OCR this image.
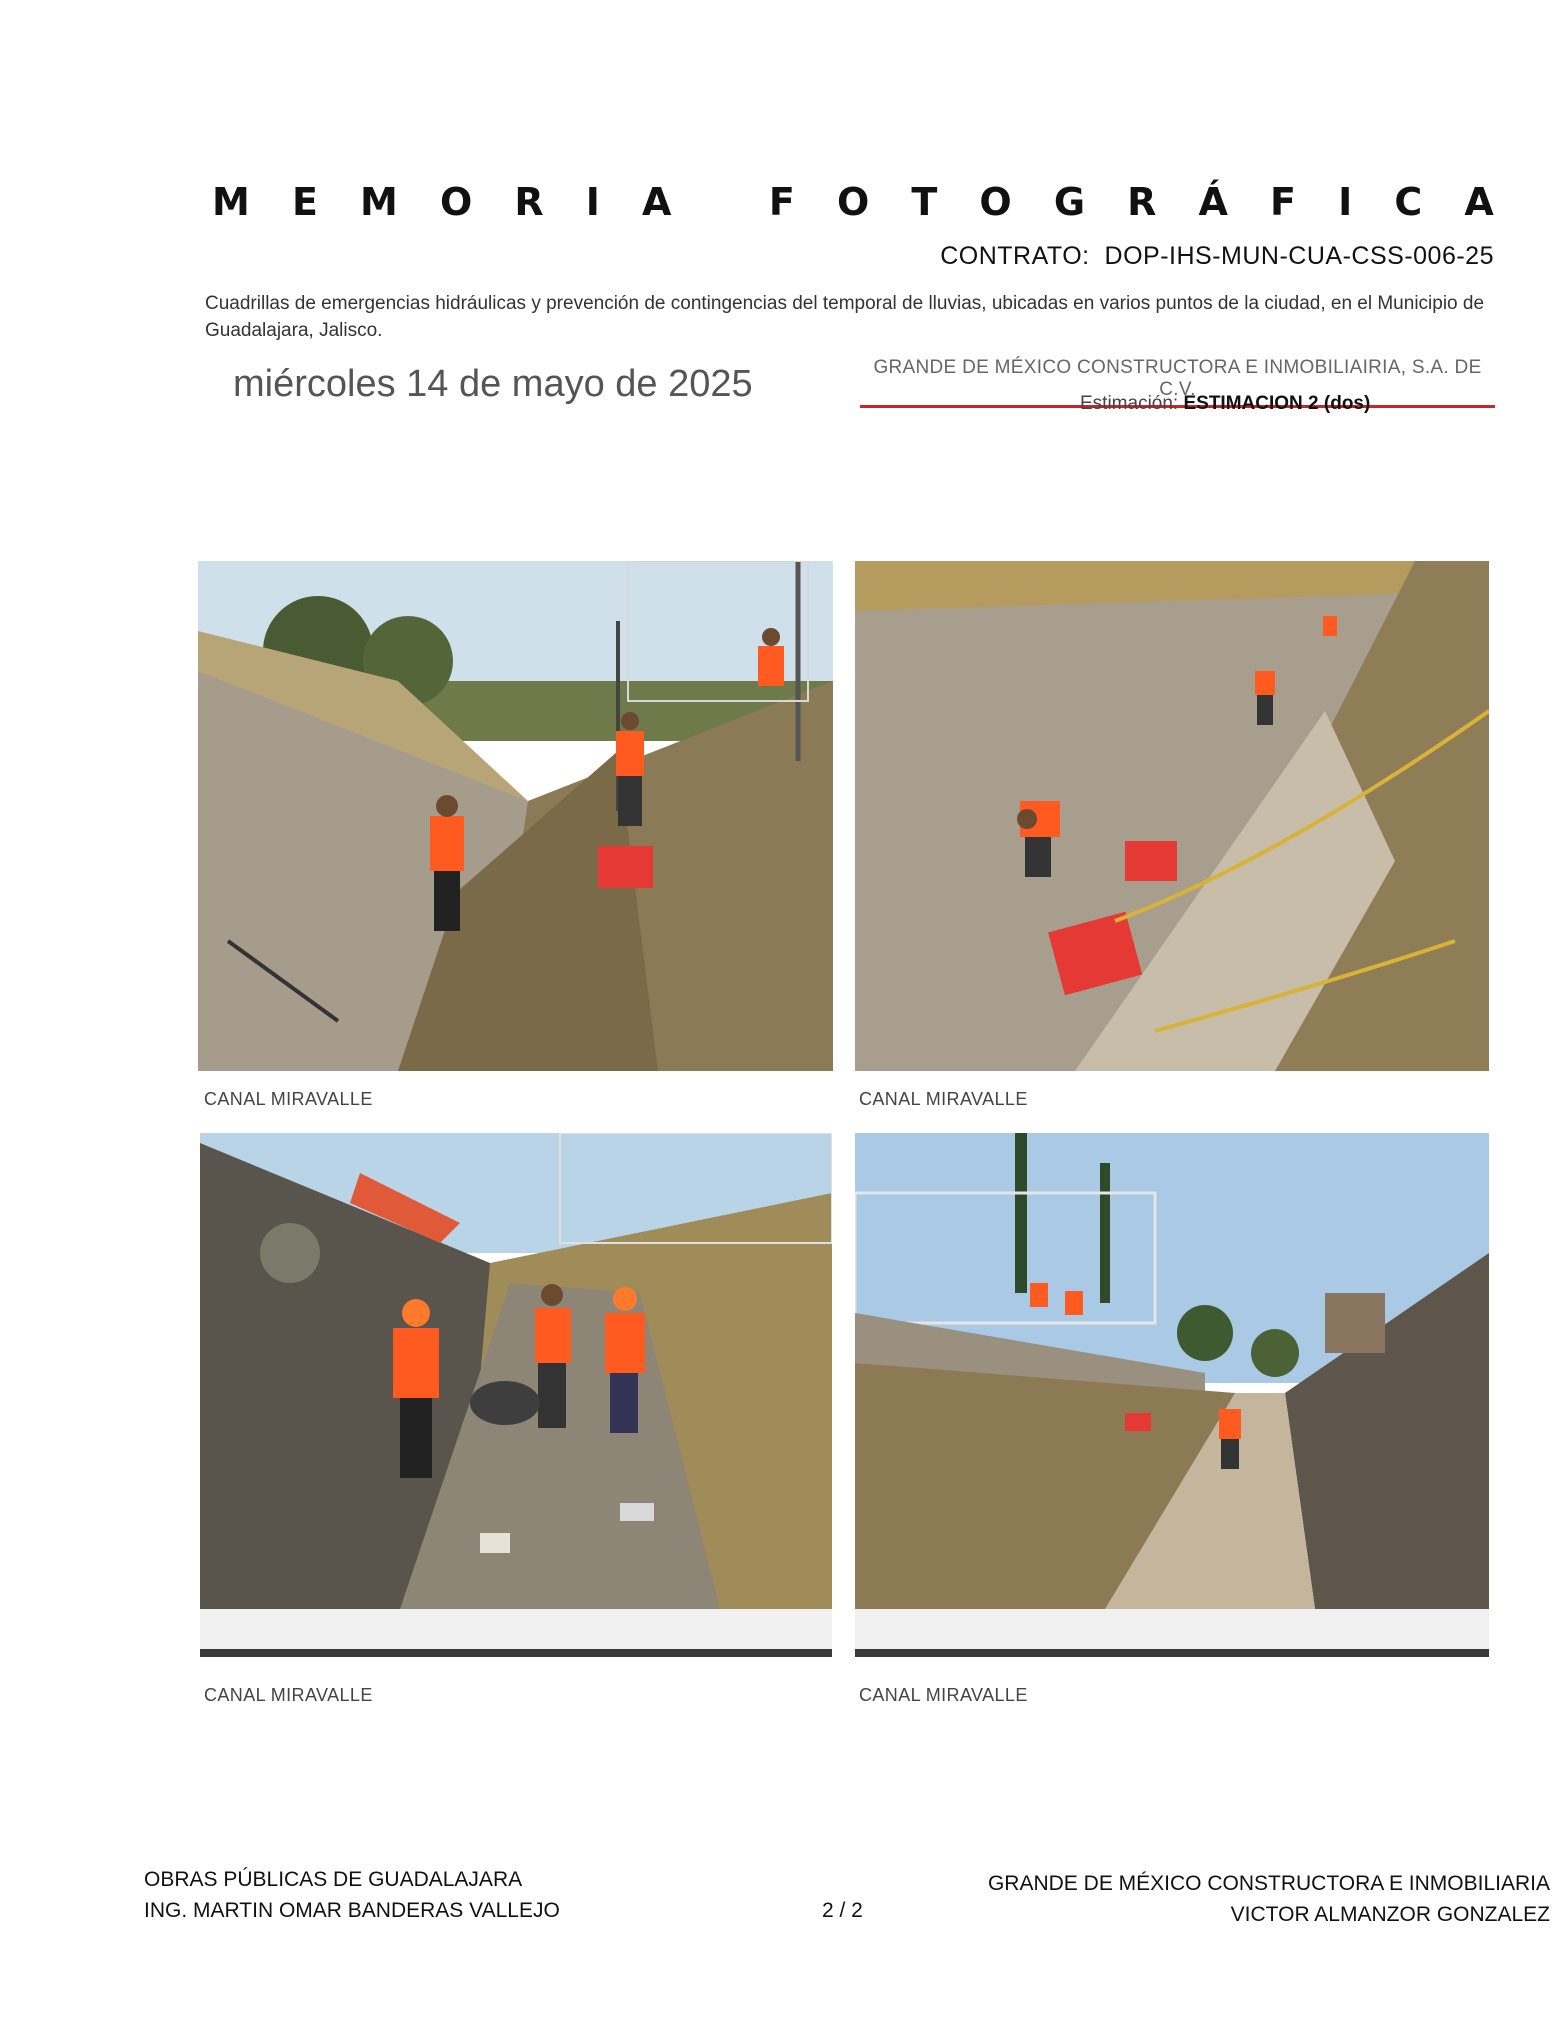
M E M O R I A
	F O T O G R Á F I C A
CONTRATO: DOP-IHS-MUN-CUA-CSS-006-25
Cuadrillas de emergencias hidráulicas y prevención de contingencias del temporal de lluvias, ubicadas en varios puntos de la ciudad, en el Municipio de Guadalajara, Jalisco.
miércoles 14 de mayo de 2025	GRANDE DE MÉXICO CONSTRUCTORA E INMOBILIAIRIA, S.A. DE C.V.
Estimación: ESTIMACION 2 (dos)
CANAL MIRAVALLE	CANAL MIRAVALLE
CANAL MIRAVALLE	CANAL MIRAVALLE
OBRAS PÚBLICAS DE GUADALAJARA
ING. MARTIN OMAR BANDERAS VALLEJO	2 / 2
GRANDE DE MÉXICO CONSTRUCTORA E INMOBILIARIA
VICTOR ALMANZOR GONZALEZ
